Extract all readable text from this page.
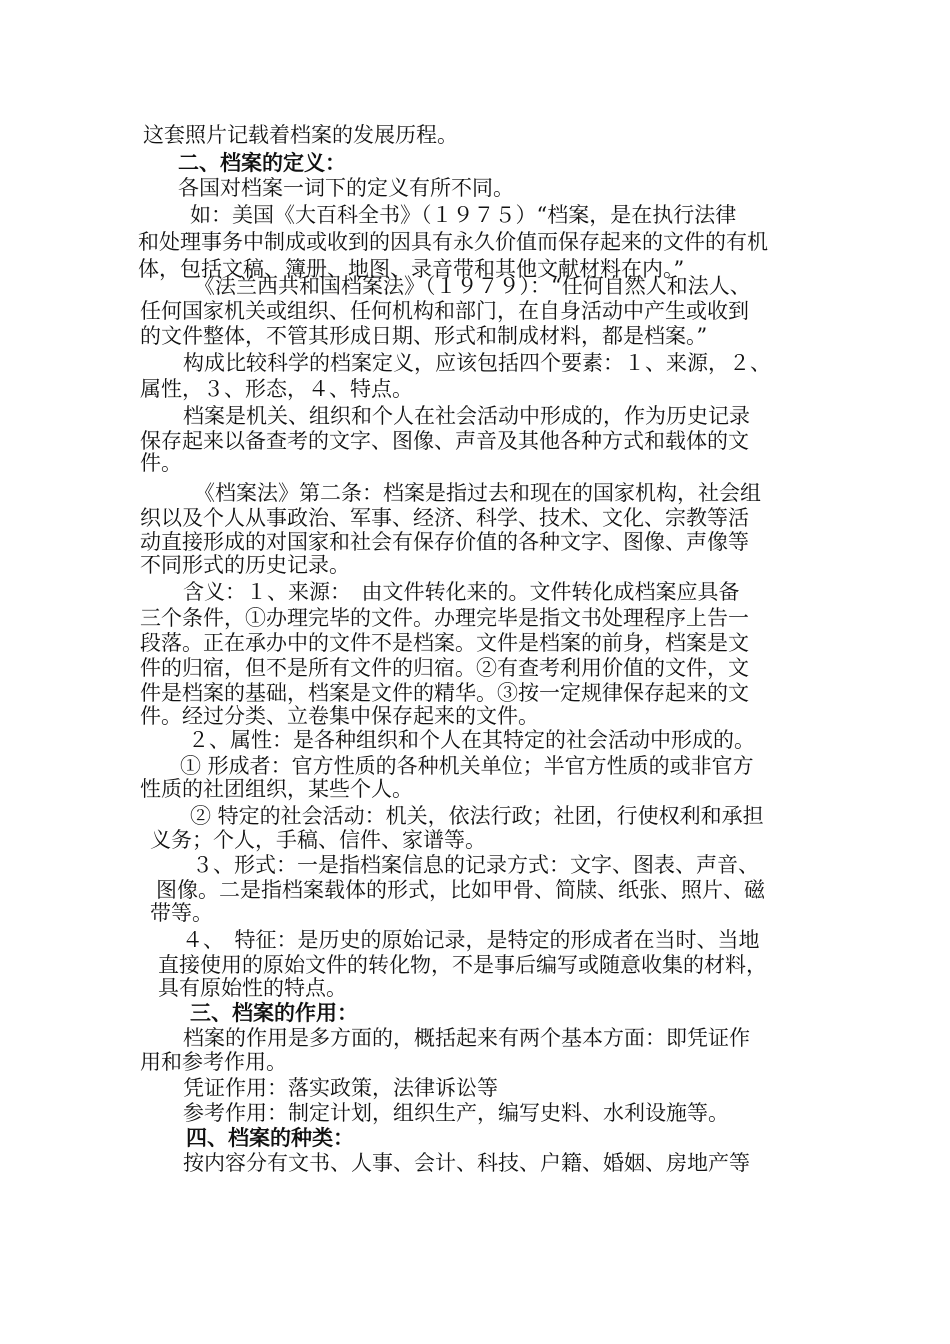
这套照片记载着档案的发展历程。
二、档案的定义：
各国对档案一词下的定义有所不同。
如：美国《大百科全书》（１９７５）“档案，是在执行法律
和处理事务中制成或收到的因具有永久价值而保存起来的文件的有机
体，包括文稿、簿册、地图、录音带和其他文献材料在内。”
《法兰西共和国档案法》（１９７９）：“任何自然人和法人、
任何国家机关或组织、任何机构和部门，在自身活动中产生或收到
的文件整体，不管其形成日期、形式和制成材料，都是档案。”
构成比较科学的档案定义，应该包括四个要素：１、来源，２、
属性，３、形态，４、特点。
档案是机关、组织和个人在社会活动中形成的，作为历史记录
保存起来以备查考的文字、图像、声音及其他各种方式和载体的文
件。
《档案法》第二条：档案是指过去和现在的国家机构，社会组
织以及个人从事政治、军事、经济、科学、技术、文化、宗教等活
动直接形成的对国家和社会有保存价值的各种文字、图像、声像等
不同形式的历史记录。
含义：１、来源：　由文件转化来的。文件转化成档案应具备
三个条件，①办理完毕的文件。办理完毕是指文书处理程序上告一
段落。正在承办中的文件不是档案。文件是档案的前身，档案是文
件的归宿，但不是所有文件的归宿。②有查考利用价值的文件，文
件是档案的基础，档案是文件的精华。③按一定规律保存起来的文
件。经过分类、立卷集中保存起来的文件。
２、属性：是各种组织和个人在其特定的社会活动中形成的。
① 形成者：官方性质的各种机关单位；半官方性质的或非官方
性质的社团组织，某些个人。
② 特定的社会活动：机关，依法行政；社团，行使权利和承担
义务；个人，手稿、信件、家谱等。
３、形式：一是指档案信息的记录方式：文字、图表、声音、
图像。二是指档案载体的形式，比如甲骨、简牍、纸张、照片、磁
带等。
４、　特征：是历史的原始记录，是特定的形成者在当时、当地
直接使用的原始文件的转化物，不是事后编写或随意收集的材料，
具有原始性的特点。
三、档案的作用：
档案的作用是多方面的，概括起来有两个基本方面：即凭证作
用和参考作用。
凭证作用：落实政策，法律诉讼等
参考作用：制定计划，组织生产，编写史料、水利设施等。
四、档案的种类：
按内容分有文书、人事、会计、科技、户籍、婚姻、房地产等
